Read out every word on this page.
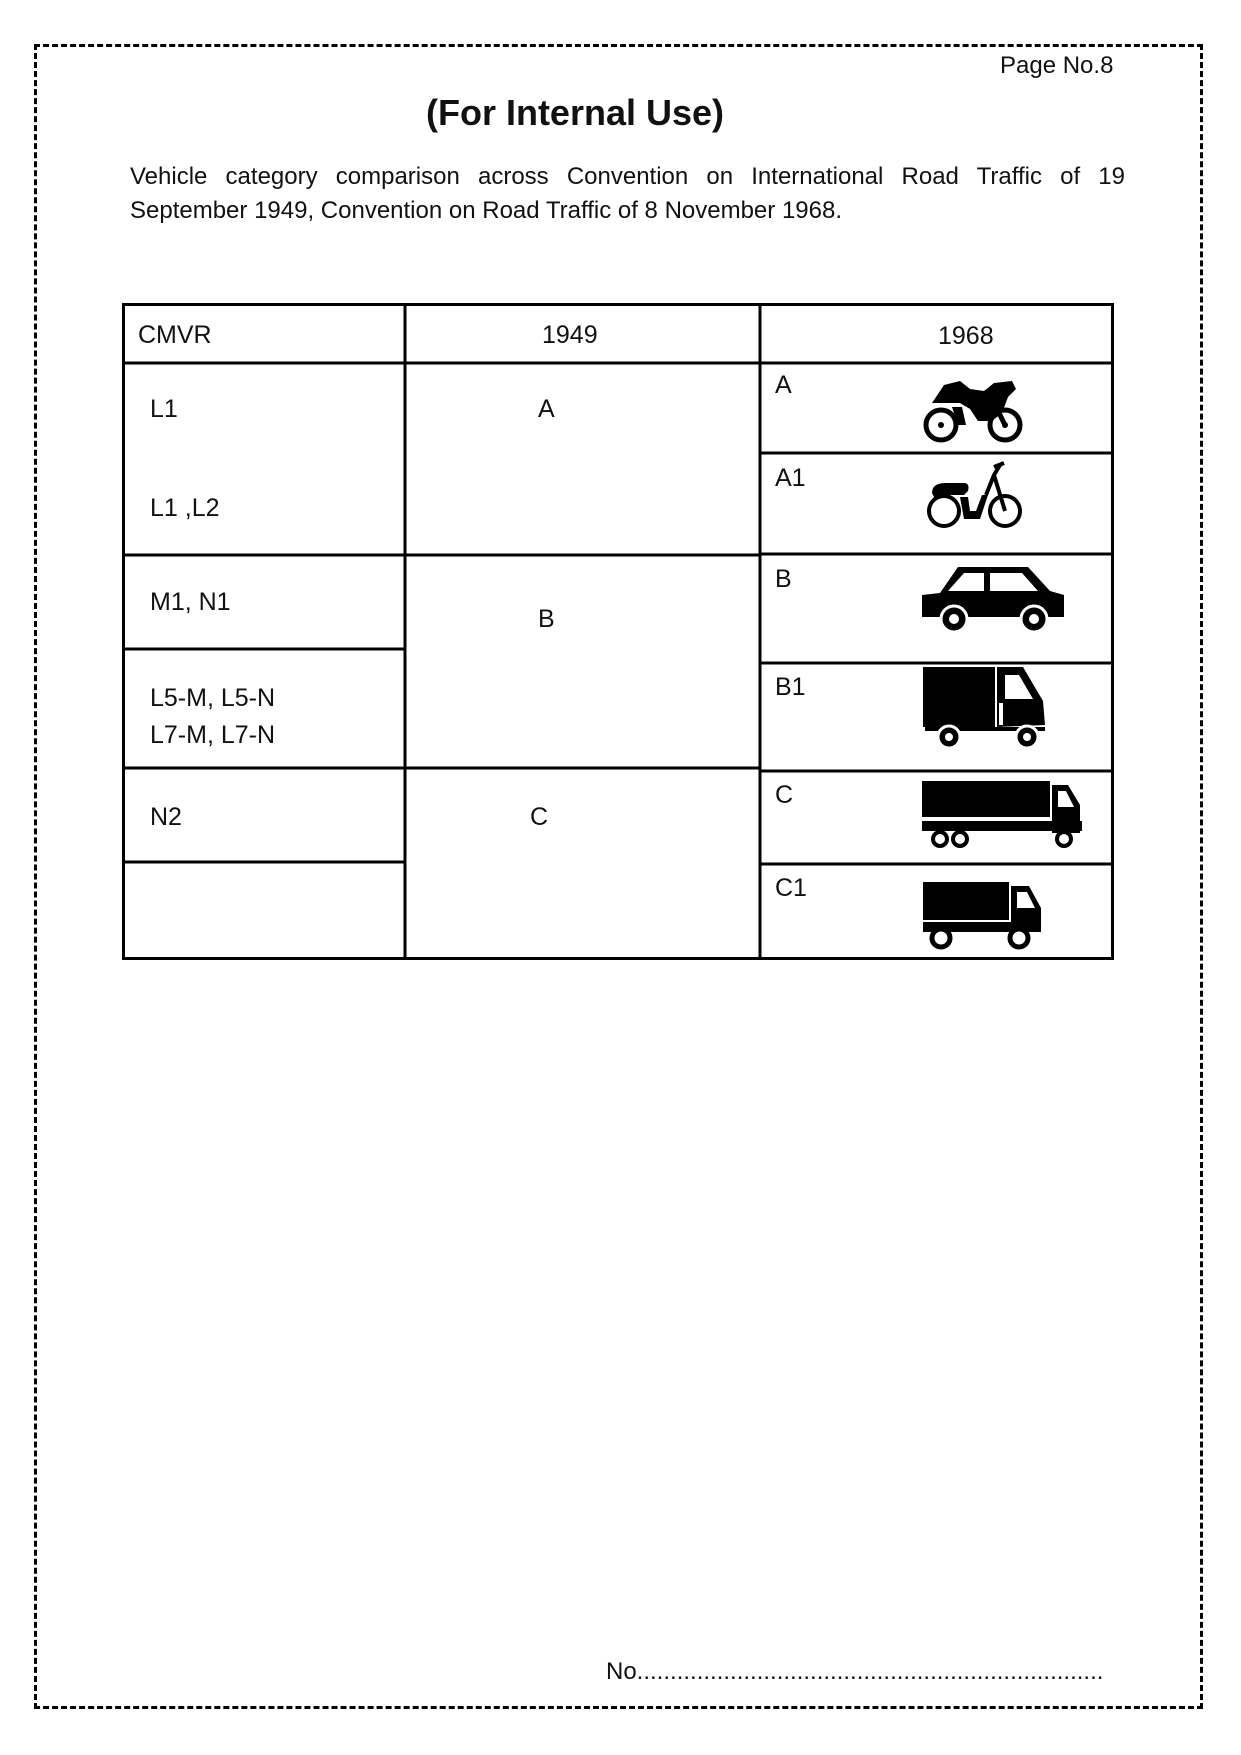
Page No.8
(For Internal Use)
Vehicle category comparison across Convention on International Road Traffic of 19 September 1949, Convention on Road Traffic of 8 November 1968.
CMVR	1949	1968
L1
L1 ,L2
M1, N1
L5-M, L5-N
L7-M, L7-N
N2
A
B
C
A
A1
B
B1
C
C1
No......................................................................
